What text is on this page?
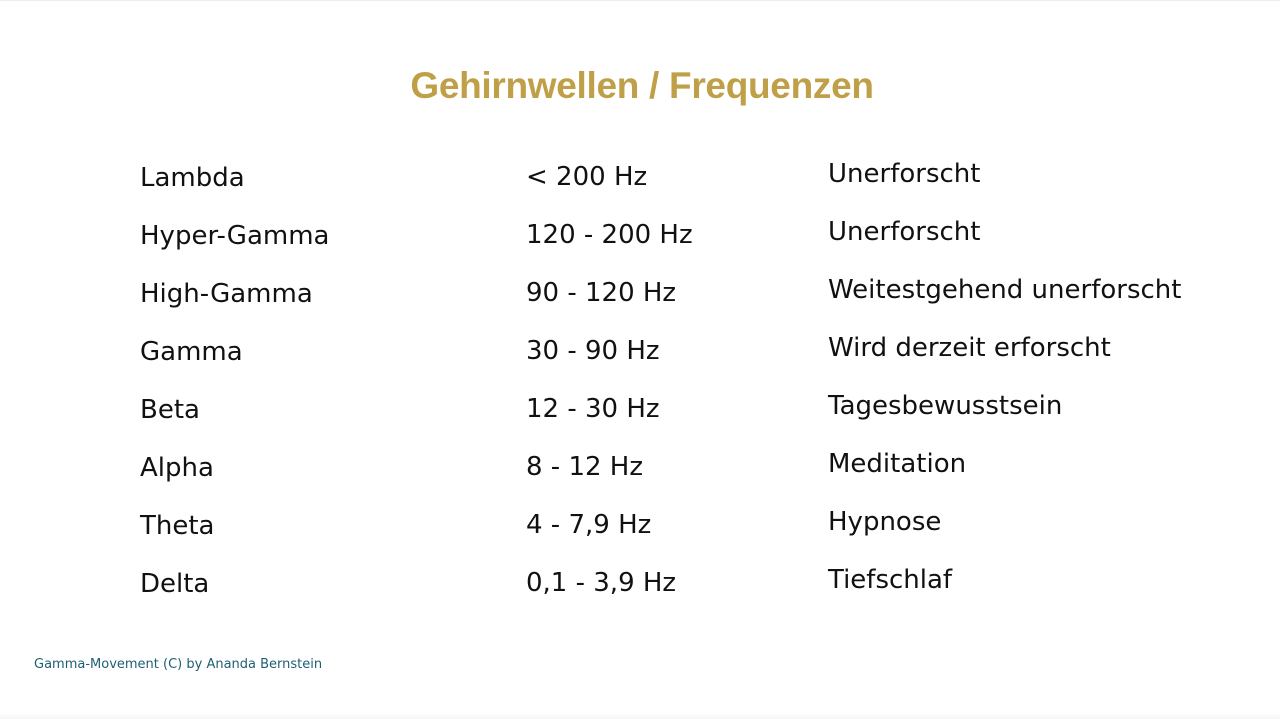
Gehirnwellen / Frequenzen
Lambda	< 200 Hz	Unerforscht
Hyper-Gamma	120 - 200 Hz	Unerforscht
High-Gamma	90 - 120 Hz	Weitestgehend unerforscht
Gamma	30 - 90 Hz	Wird derzeit erforscht
Beta	12 - 30 Hz	Tagesbewusstsein
Alpha	8 - 12 Hz	Meditation
Theta	4 - 7,9 Hz	Hypnose
Delta	0,1 - 3,9 Hz	Tiefschlaf
Gamma-Movement (C) by Ananda Bernstein
